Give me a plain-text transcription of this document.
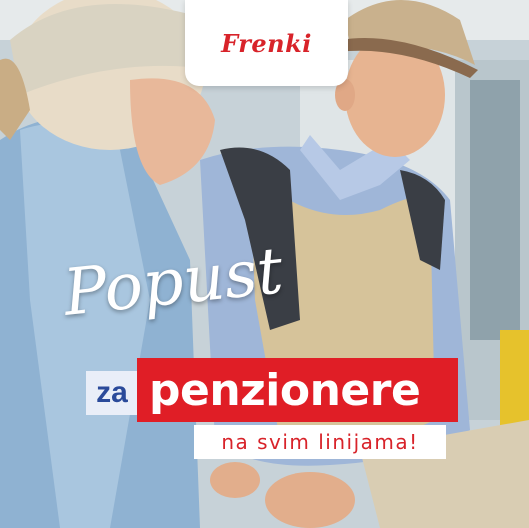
Frenki
Popust
za penzionere
na svim linijama!
